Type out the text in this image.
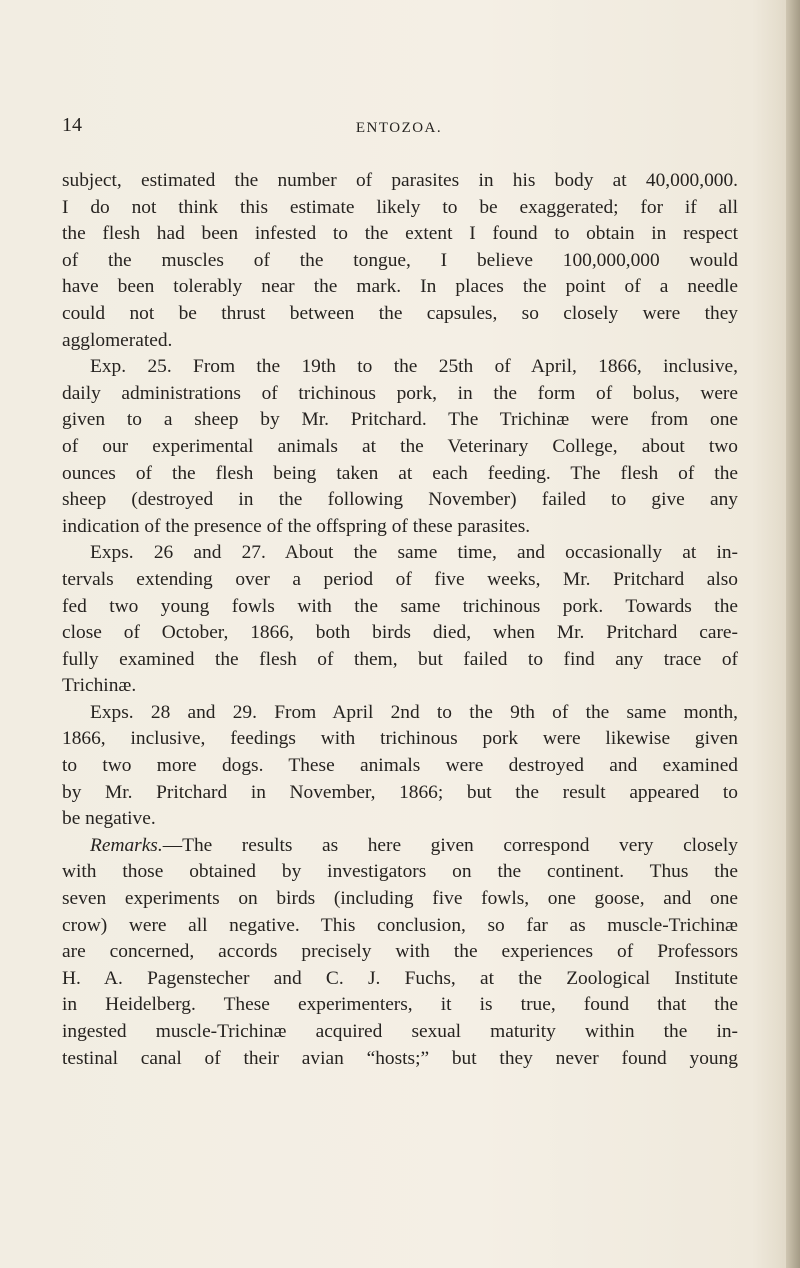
14	ENTOZOA.
subject, estimated the number of parasites in his body at 40,000,000.
I do not think this estimate likely to be exaggerated; for if all
the flesh had been infested to the extent I found to obtain in respect
of the muscles of the tongue, I believe 100,000,000 would
have been tolerably near the mark. In places the point of a needle
could not be thrust between the capsules, so closely were they
agglomerated.
Exp. 25. From the 19th to the 25th of April, 1866, inclusive,
daily administrations of trichinous pork, in the form of bolus, were
given to a sheep by Mr. Pritchard. The Trichinæ were from one
of our experimental animals at the Veterinary College, about two
ounces of the flesh being taken at each feeding. The flesh of the
sheep (destroyed in the following November) failed to give any
indication of the presence of the offspring of these parasites.
Exps. 26 and 27. About the same time, and occasionally at in-
tervals extending over a period of five weeks, Mr. Pritchard also
fed two young fowls with the same trichinous pork. Towards the
close of October, 1866, both birds died, when Mr. Pritchard care-
fully examined the flesh of them, but failed to find any trace of
Trichinæ.
Exps. 28 and 29. From April 2nd to the 9th of the same month,
1866, inclusive, feedings with trichinous pork were likewise given
to two more dogs. These animals were destroyed and examined
by Mr. Pritchard in November, 1866; but the result appeared to
be negative.
Remarks.—The results as here given correspond very closely
with those obtained by investigators on the continent. Thus the
seven experiments on birds (including five fowls, one goose, and one
crow) were all negative. This conclusion, so far as muscle-Trichinæ
are concerned, accords precisely with the experiences of Professors
H. A. Pagenstecher and C. J. Fuchs, at the Zoological Institute
in Heidelberg. These experimenters, it is true, found that the
ingested muscle-Trichinæ acquired sexual maturity within the in-
testinal canal of their avian “hosts;” but they never found young
